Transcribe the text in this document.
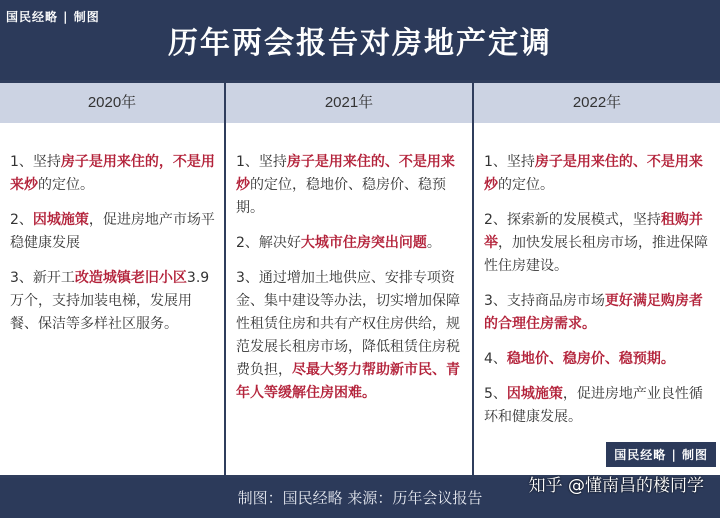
国民经略 | 制图
历年两会报告对房地产定调
2020年
1、坚持房子是用来住的，不是用来炒的定位。
2、因城施策，促进房地产市场平稳健康发展
3、新开工改造城镇老旧小区3.9万个，支持加装电梯，发展用餐、保洁等多样社区服务。
2021年
1、坚持房子是用来住的、不是用来炒的定位，稳地价、稳房价、稳预期。
2、解决好大城市住房突出问题。
3、通过增加土地供应、安排专项资金、集中建设等办法，切实增加保障性租赁住房和共有产权住房供给，规范发展长租房市场，降低租赁住房税费负担，尽最大努力帮助新市民、青年人等缓解住房困难。
2022年
1、坚持房子是用来住的、不是用来炒的定位。
2、探索新的发展模式，坚持租购并举，加快发展长租房市场，推进保障性住房建设。
3、支持商品房市场更好满足购房者的合理住房需求。
4、稳地价、稳房价、稳预期。
5、因城施策，促进房地产业良性循环和健康发展。
国民经略 | 制图
制图：国民经略 来源：历年会议报告
知乎 @懂南昌的楼同学
